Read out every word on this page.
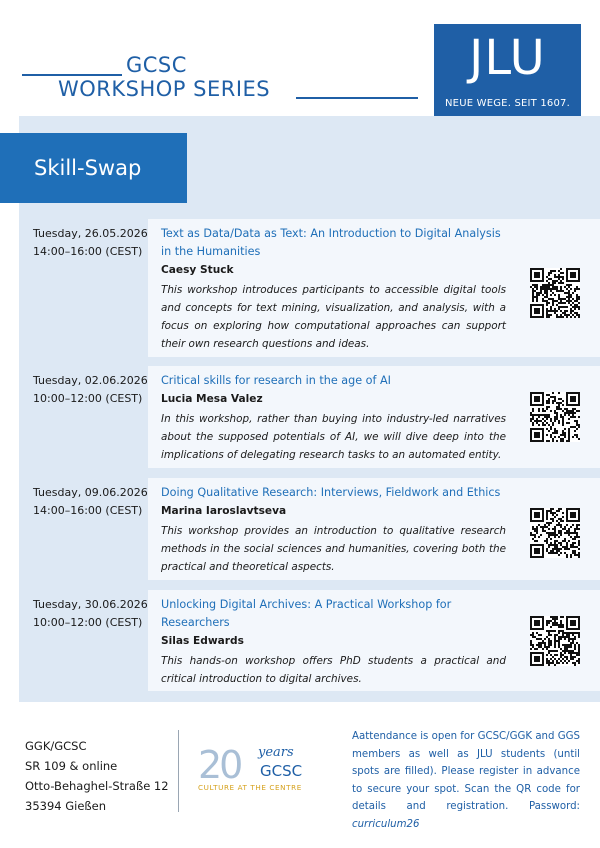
GCSC
WORKSHOP SERIES
JLU
NEUE WEGE. SEIT 1607.
Skill-Swap
Tuesday, 26.05.2026
14:00–16:00 (CEST)
Text as Data/Data as Text: An Introduction to Digital Analysis in the Humanities
Caesy Stuck
This workshop introduces participants to accessible digital tools and concepts for text mining, visualization, and analysis, with a focus on exploring how computational approaches can support their own research questions and ideas.
Tuesday, 02.06.2026
10:00–12:00 (CEST)
Critical skills for research in the age of AI
Lucia Mesa Valez
In this workshop, rather than buying into industry-led narratives about the supposed potentials of AI, we will dive deep into the implications of delegating research tasks to an automated entity.
Tuesday, 09.06.2026
14:00–16:00 (CEST)
Doing Qualitative Research: Interviews, Fieldwork and Ethics
Marina Iaroslavtseva
This workshop provides an introduction to qualitative research methods in the social sciences and humanities, covering both the practical and theoretical aspects.
Tuesday, 30.06.2026
10:00–12:00 (CEST)
Unlocking Digital Archives: A Practical Workshop for Researchers
Silas Edwards
This hands-on workshop offers PhD students a practical and critical introduction to digital archives.
GGK/GCSC
SR 109 & online
Otto-Behaghel-Straße 12
35394 Gießen
20 years
GCSC
CULTURE AT THE CENTRE
Aattendance is open for GCSC/GGK and GGS members as well as JLU students (until spots are filled). Please register in advance to secure your spot. Scan the QR code for details and registration. Password: curriculum26
